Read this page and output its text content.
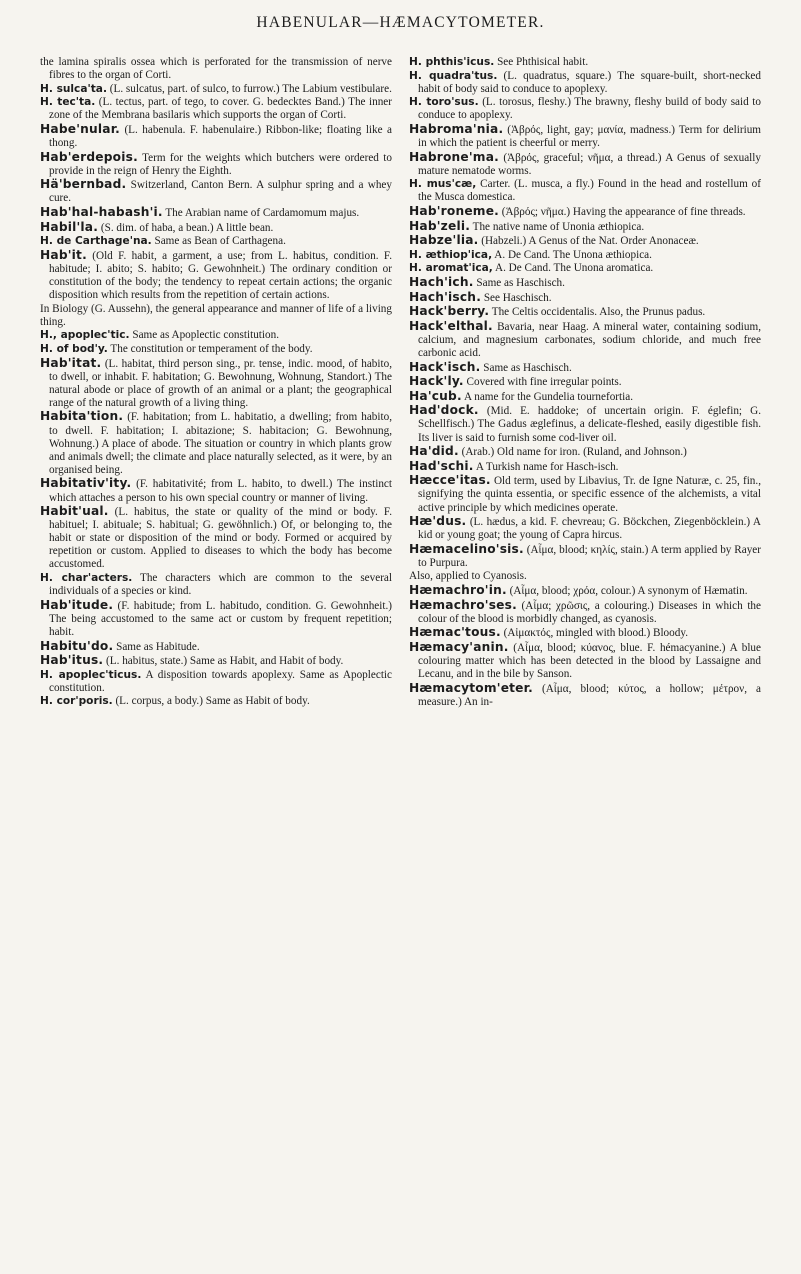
HABENULAR—HÆMACYTOMETER.
the lamina spiralis ossea which is perforated for the transmission of nerve fibres to the organ of Corti.
H. sulca'ta. (L. sulcatus, part. of sulco, to furrow.) The Labium vestibulare.
H. tec'ta. (L. tectus, part. of tego, to cover. G. bedecktes Band.) The inner zone of the Membrana basilaris which supports the organ of Corti.
Habe'nular. (L. habenula. F. habenulaire.) Ribbon-like; floating like a thong.
Hab'erdepois. Term for the weights which butchers were ordered to provide in the reign of Henry the Eighth.
Hä'bernbad. Switzerland, Canton Bern. A sulphur spring and a whey cure.
Hab'hal-habash'i. The Arabian name of Cardamomum majus.
Habil'la. (S. dim. of haba, a bean.) A little bean.
H. de Carthage'na. Same as Bean of Carthagena.
Hab'it. (Old F. habit, a garment, a use; from L. habitus, condition. F. habitude; I. abito; S. habito; G. Gewohnheit.) The ordinary condition or constitution of the body; the tendency to repeat certain actions; the organic disposition which results from the repetition of certain actions.
In Biology (G. Aussehn), the general appearance and manner of life of a living thing.
H., apoplec'tic. Same as Apoplectic constitution.
H. of bod'y. The constitution or temperament of the body.
Hab'itat. (L. habitat, third person sing., pr. tense, indic. mood, of habito, to dwell, or inhabit. F. habitation; G. Bewohnung, Wohnung, Standort.) The natural abode or place of growth of an animal or a plant; the geographical range of the natural growth of a living thing.
Habita'tion. (F. habitation; from L. habitatio, a dwelling; from habito, to dwell. F. habitation; I. abitazione; S. habitacion; G. Bewohnung, Wohnung.) A place of abode. The situation or country in which plants grow and animals dwell; the climate and place naturally selected, as it were, by an organised being.
Habitativ'ity. (F. habitativité; from L. habito, to dwell.) The instinct which attaches a person to his own special country or manner of living.
Habit'ual. (L. habitus, the state or quality of the mind or body. F. habituel; I. abituale; S. habitual; G. gewöhnlich.) Of, or belonging to, the habit or state or disposition of the mind or body. Formed or acquired by repetition or custom. Applied to diseases to which the body has become accustomed.
H. char'acters. The characters which are common to the several individuals of a species or kind.
Hab'itude. (F. habitude; from L. habitudo, condition. G. Gewohnheit.) The being accustomed to the same act or custom by frequent repetition; habit.
Habitu'do. Same as Habitude.
Hab'itus. (L. habitus, state.) Same as Habit, and Habit of body.
H. apoplec'ticus. A disposition towards apoplexy. Same as Apoplectic constitution.
H. cor'poris. (L. corpus, a body.) Same as Habit of body.
H. phthis'icus. See Phthisical habit.
H. quadra'tus. (L. quadratus, square.) The square-built, short-necked habit of body said to conduce to apoplexy.
H. toro'sus. (L. torosus, fleshy.) The brawny, fleshy build of body said to conduce to apoplexy.
Habroma'nia. (Ἁβρός, light, gay; μανία, madness.) Term for delirium in which the patient is cheerful or merry.
Habrone'ma. (Ἁβρός, graceful; νῆμα, a thread.) A Genus of sexually mature nematode worms.
H. mus'cæ, Carter. (L. musca, a fly.) Found in the head and rostellum of the Musca domestica.
Hab'roneme. (Ἁβρός; νῆμα.) Having the appearance of fine threads.
Hab'zeli. The native name of Unonia æthiopica.
Habze'lia. (Habzeli.) A Genus of the Nat. Order Anonaceæ.
H. æthiop'ica, A. De Cand. The Unona æthiopica.
H. aromat'ica, A. De Cand. The Unona aromatica.
Hach'ich. Same as Haschisch.
Hach'isch. See Haschisch.
Hack'berry. The Celtis occidentalis. Also, the Prunus padus.
Hack'elthal. Bavaria, near Haag. A mineral water, containing sodium, calcium, and magnesium carbonates, sodium chloride, and much free carbonic acid.
Hack'isch. Same as Haschisch.
Hack'ly. Covered with fine irregular points.
Ha'cub. A name for the Gundelia tournefortia.
Had'dock. (Mid. E. haddoke; of uncertain origin. F. églefin; G. Schellfisch.) The Gadus æglefinus, a delicate-fleshed, easily digestible fish. Its liver is said to furnish some cod-liver oil.
Ha'did. (Arab.) Old name for iron. (Ruland, and Johnson.)
Had'schi. A Turkish name for Hasch-isch.
Hæcce'itas. Old term, used by Libavius, Tr. de Igne Naturæ, c. 25, fin., signifying the quinta essentia, or specific essence of the alchemists, a vital active principle by which medicines operate.
Hæ'dus. (L. hædus, a kid. F. chevreau; G. Böckchen, Ziegenböcklein.) A kid or young goat; the young of Capra hircus.
Hæmacelino'sis. (Αἷμα, blood; κηλίς, stain.) A term applied by Rayer to Purpura.
Also, applied to Cyanosis.
Hæmachro'in. (Αἷμα, blood; χρόα, colour.) A synonym of Hæmatin.
Hæmachro'ses. (Αἷμα; χρῶσις, a colouring.) Diseases in which the colour of the blood is morbidly changed, as cyanosis.
Hæmac'tous. (Αἱμακτός, mingled with blood.) Bloody.
Hæmacy'anin. (Αἷμα, blood; κύανος, blue. F. hémacyanine.) A blue colouring matter which has been detected in the blood by Lassaigne and Lecanu, and in the bile by Sanson.
Hæmacytom'eter. (Αἷμα, blood; κύτος, a hollow; μέτρον, a measure.) An in-
